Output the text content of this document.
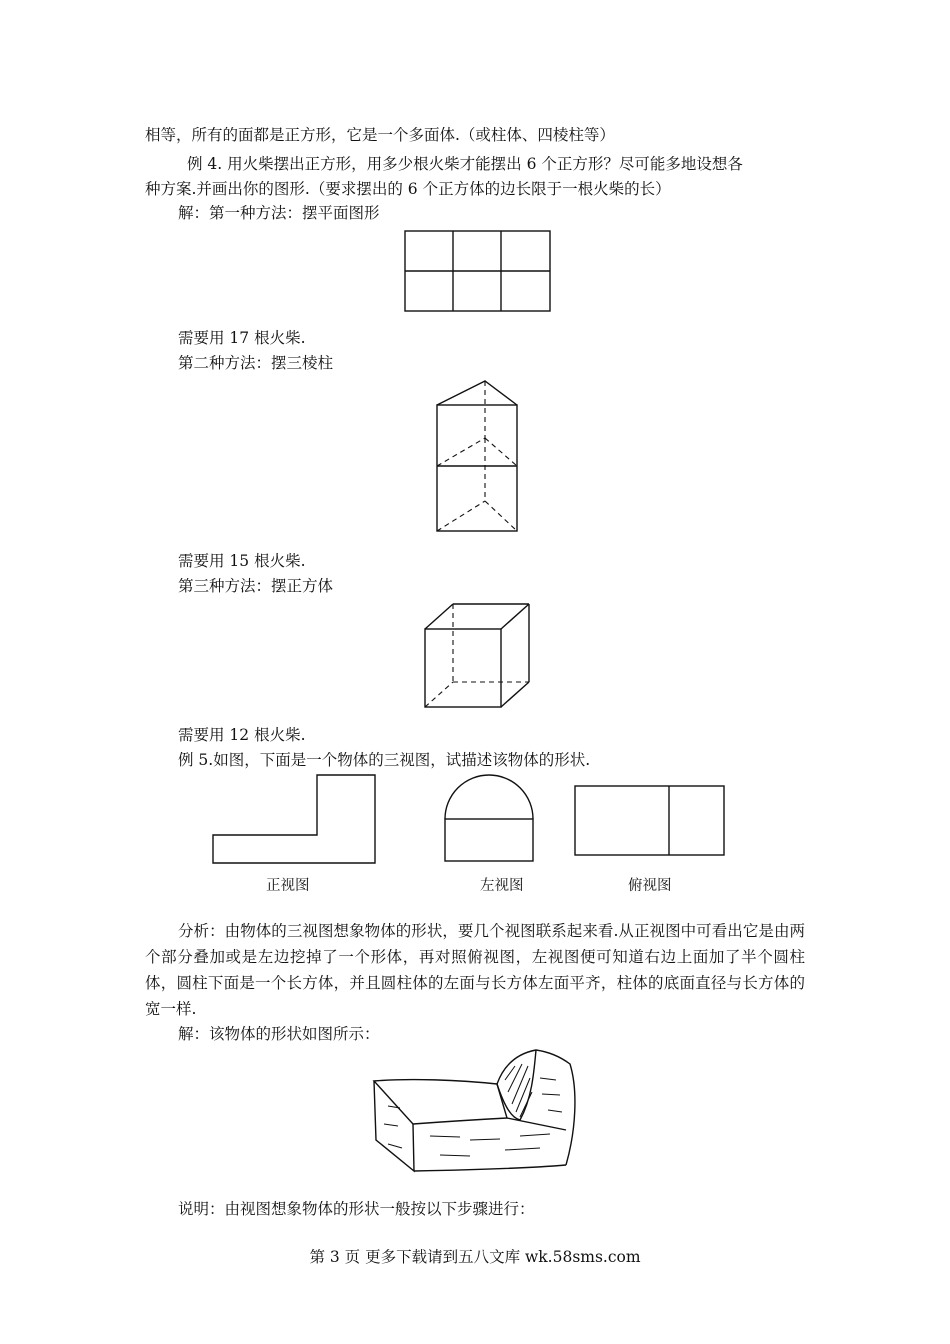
相等，所有的面都是正方形，它是一个多面体.（或柱体、四棱柱等）
例 4. 用火柴摆出正方形，用多少根火柴才能摆出 6 个正方形？尽可能多地设想各
种方案.并画出你的图形.（要求摆出的 6 个正方体的边长限于一根火柴的长）
解：第一种方法：摆平面图形
需要用 17 根火柴.
第二种方法：摆三棱柱
需要用 15 根火柴.
第三种方法：摆正方体
需要用 12 根火柴.
例 5.如图，下面是一个物体的三视图，试描述该物体的形状.
正视图	左视图	俯视图
分析：由物体的三视图想象物体的形状，要几个视图联系起来看.从正视图中可看出它是由两个部分叠加或是左边挖掉了一个形体，再对照俯视图，左视图便可知道右边上面加了半个圆柱体，圆柱下面是一个长方体，并且圆柱体的左面与长方体左面平齐，柱体的底面直径与长方体的宽一样.
解：该物体的形状如图所示：
说明：由视图想象物体的形状一般按以下步骤进行：
第 3 页 更多下载请到五八文库 wk.58sms.com
